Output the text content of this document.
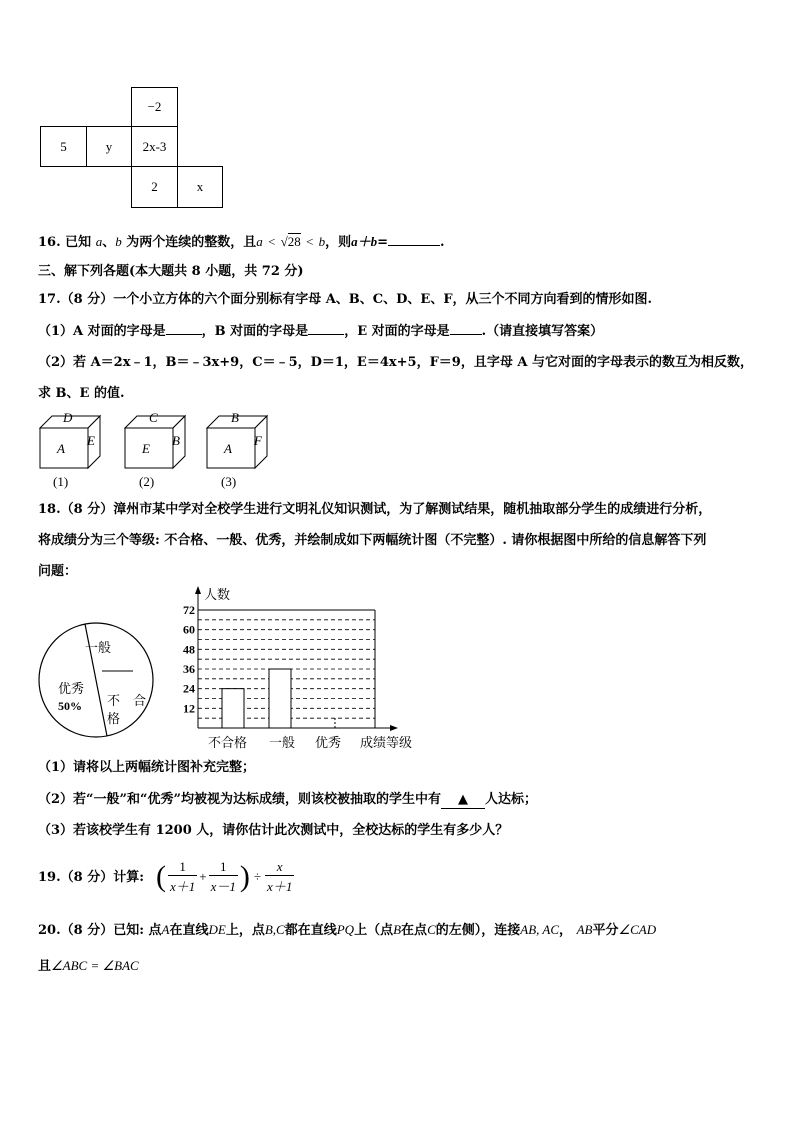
−2
5	y	2x-3
2	x
16. 已知 a、b 为两个连续的整数，且a < √28 < b，则a＋b=	.
三、解下列各题(本大题共 8 小题，共 72 分)
17.（8 分）一个小立方体的六个面分别标有字母 A、B、C、D、E、F，从三个不同方向看到的情形如图.
（1）A 对面的字母是	，B 对面的字母是	，E 对面的字母是 .（请直接填写答案）
（2）若 A＝2x﹣1，B＝﹣3x+9，C＝﹣5，D＝1，E＝4x+5，F＝9，且字母 A 与它对面的字母表示的数互为相反数，
求 B、E 的值.
D
A
E
(1)
C
E
B
(2)
B
A
F
(3)
18.（8 分）漳州市某中学对全校学生进行文明礼仪知识测试，为了解测试结果，随机抽取部分学生的成绩进行分析，
将成绩分为三个等级: 不合格、一般、优秀，并绘制成如下两幅统计图（不完整）. 请你根据图中所给的信息解答下列
问题：
一般
优秀
50% 不 合
格
12
24
36
48
60
72
人数
不合格 一般 优秀 成绩等级
（1）请将以上两幅统计图补充完整；
（2）若“一般”和“优秀”均被视为达标成绩，则该校被抽取的学生中有 ▲ 人达标；
（3）若该校学生有 1200 人，请你估计此次测试中，全校达标的学生有多少人？
19.（8 分）计算: ( $\frac{1}{x+1} + \frac{1}{x-1}$ ) ÷ $\frac{x}{x+1}$
20.（8 分）已知: 点A在直线DE上，点B,C都在直线PQ上（点B在点C的左侧），连接AB, AC， AB平分∠CAD
且∠ABC = ∠BAC
